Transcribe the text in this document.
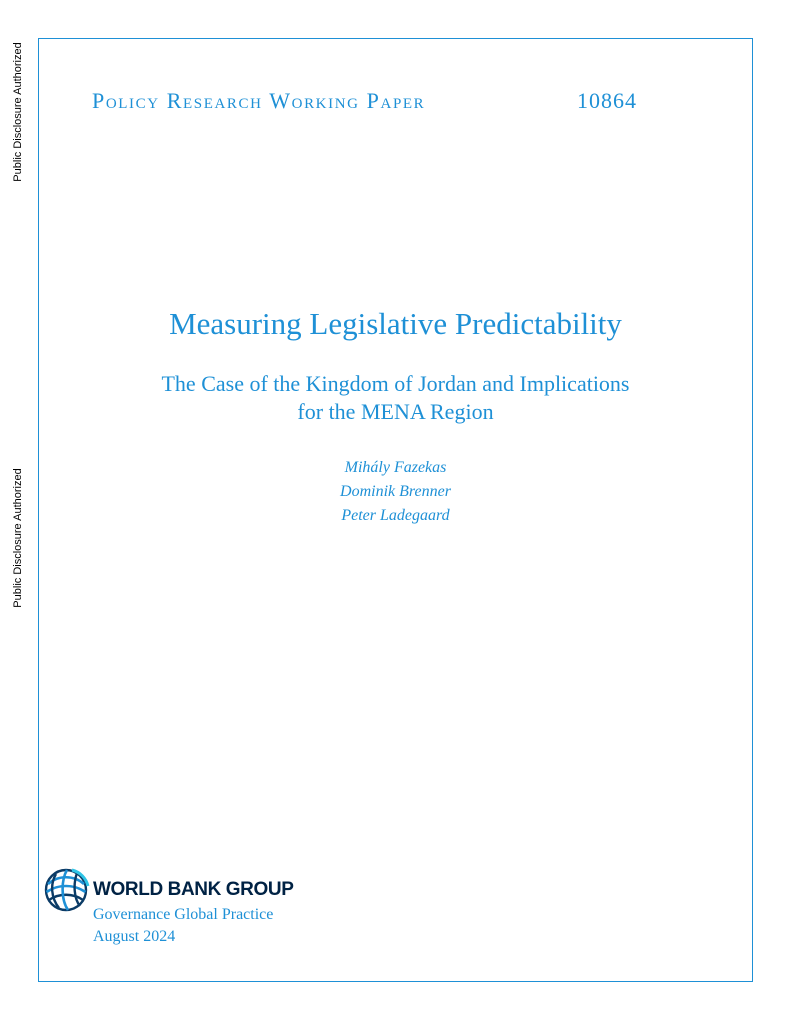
Public Disclosure Authorized
Public Disclosure Authorized
Policy Research Working Paper	10864
Measuring Legislative Predictability
The Case of the Kingdom of Jordan and Implications
for the MENA Region
Mihály Fazekas
Dominik Brenner
Peter Ladegaard
WORLD BANK GROUP
Governance Global Practice
August 2024
